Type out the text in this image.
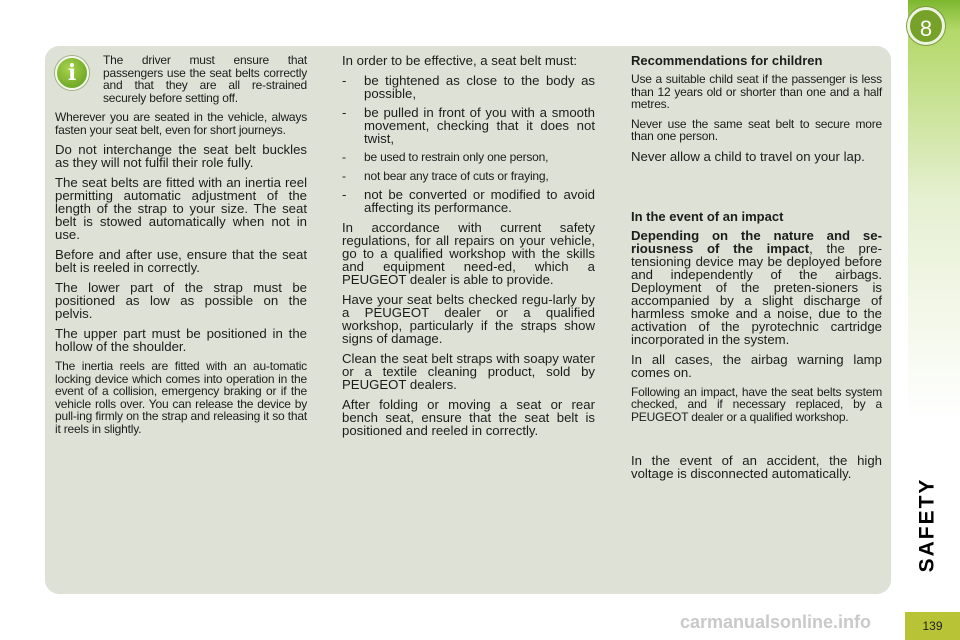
8
i	The driver must ensure that passengers use the seat belts correctly and that they are all re-strained securely before setting off.

Wherever you are seated in the vehicle, always fasten your seat belt, even for short journeys.

Do not interchange the seat belt buckles as they will not fulfil their role fully.

The seat belts are fitted with an inertia reel permitting automatic adjustment of the length of the strap to your size. The seat belt is stowed automatically when not in use.

Before and after use, ensure that the seat belt is reeled in correctly.

The lower part of the strap must be positioned as low as possible on the pelvis.

The upper part must be positioned in the hollow of the shoulder.

The inertia reels are fitted with an au-tomatic locking device which comes into operation in the event of a collision, emergency braking or if the vehicle rolls over. You can release the device by pull-ing firmly on the strap and releasing it so that it reels in slightly.

In order to be effective, a seat belt must:

- be tightened as close to the body as possible,
- be pulled in front of you with a smooth movement, checking that it does not twist,
- be used to restrain only one person,
- not bear any trace of cuts or fraying,
- not be converted or modified to avoid affecting its performance.

In accordance with current safety regulations, for all repairs on your vehicle, go to a qualified workshop with the skills and equipment need-ed, which a PEUGEOT dealer is able to provide.

Have your seat belts checked regu-larly by a PEUGEOT dealer or a qualified workshop, particularly if the straps show signs of damage.

Clean the seat belt straps with soapy water or a textile cleaning product, sold by PEUGEOT dealers.

After folding or moving a seat or rear bench seat, ensure that the seat belt is positioned and reeled in correctly.

Recommendations for children

Use a suitable child seat if the passenger is less than 12 years old or shorter than one and a half metres.

Never use the same seat belt to secure more than one person.

Never allow a child to travel on your lap.

In the event of an impact

Depending on the nature and se-riousness of the impact, the pre-tensioning device may be deployed before and independently of the airbags. Deployment of the preten-sioners is accompanied by a slight discharge of harmless smoke and a noise, due to the activation of the pyrotechnic cartridge incorporated in the system.

In all cases, the airbag warning lamp comes on.

Following an impact, have the seat belts system checked, and if necessary replaced, by a PEUGEOT dealer or a qualified workshop.

In the event of an accident, the high voltage is disconnected automatically.

SAFETY
carmanualsonline.info	139
